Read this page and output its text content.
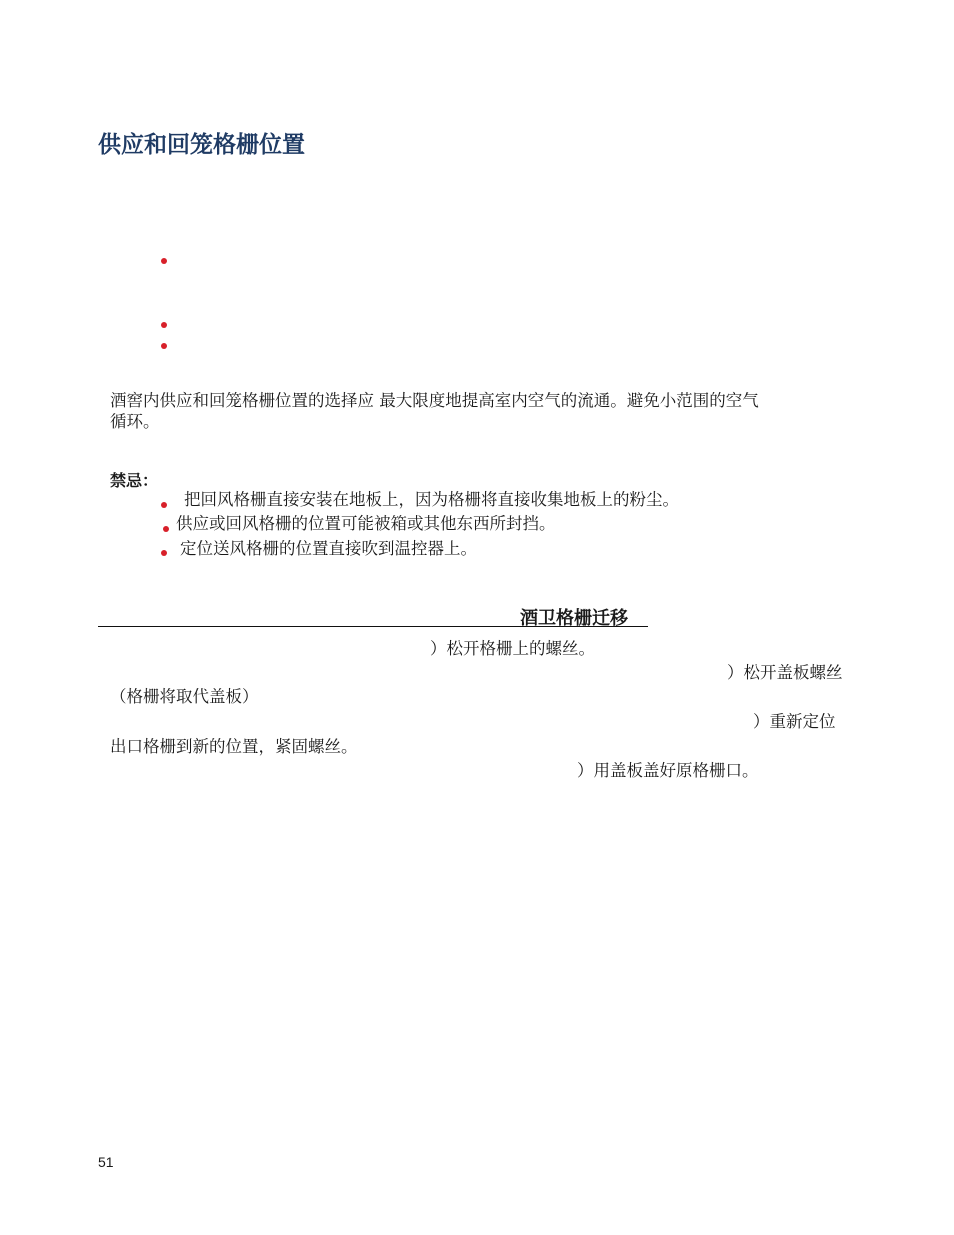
供应和回笼格栅位置

酒窖内供应和回笼格栅位置的选择应 最大限度地提高室内空气的流通。避免小范围的空气

循环。

禁忌：

把回风格栅直接安装在地板上，因为格栅将直接收集地板上的粉尘。

供应或回风格栅的位置可能被箱或其他东西所封挡。

定位送风格栅的位置直接吹到温控器上。

酒卫格栅迁移

）松开格栅上的螺丝。

）松开盖板螺丝

（格栅将取代盖板）

）重新定位

出口格栅到新的位置，紧固螺丝。

）用盖板盖好原格栅口。

51
